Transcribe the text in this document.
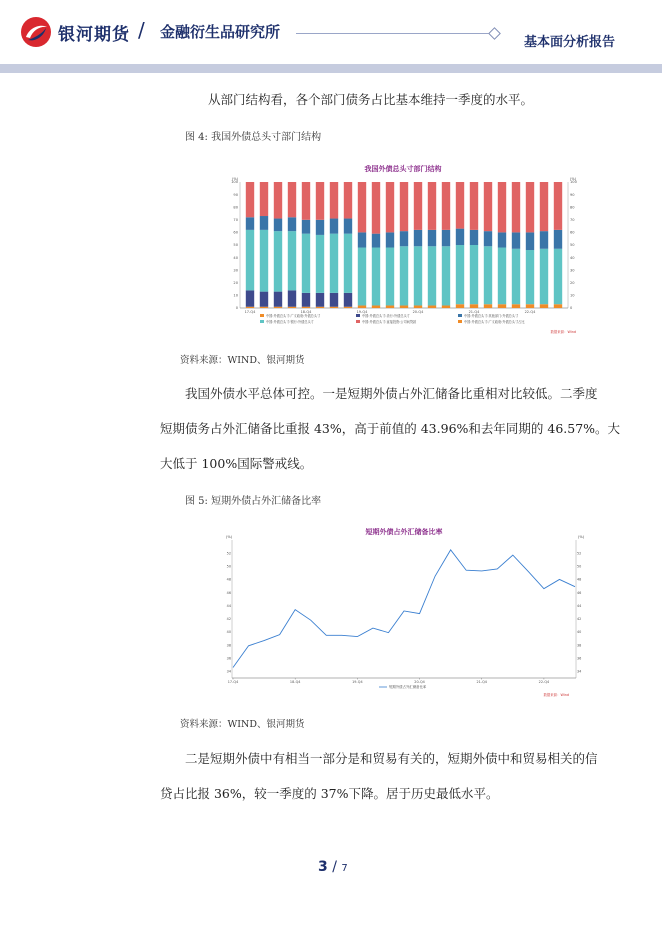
银河期货 / 金融衍生品研究所
基本面分析报告
从部门结构看，各个部门债务占比基本维持一季度的水平。
图 4: 我国外债总头寸部门结构
我国外债总头寸部门结构
(%)	(%)
0	0
10	10
20	20
30	30
40	40
50	50
60	60
70	70
80	80
90	90
100	100
17-Q4	18-Q4	19-Q4	20-Q4	21-Q4	22-Q4
中国:外债总头寸:广义政府:外债总头寸	中国:外债总头寸:央行:外债总头寸	中国:外债总头寸:其他部门:外债总头寸
中国:外债总头寸:银行:外债总头寸	中国:外债总头寸:直接投资:公司间贷款	中国:外债总头寸:广义政府:外债总头寸占比
数据来源：Wind
资料来源：WIND、银河期货
我国外债水平总体可控。一是短期外债占外汇储备比重相对比较低。二季度
短期债务占外汇储备比重报 43%，高于前值的 43.96%和去年同期的 46.57%。大
大低于 100%国际警戒线。
图 5: 短期外债占外汇储备比率
短期外债占外汇储备比率
(%)	(%)
34	34
36	36
38	38
40	40
42	42
44	44
46	46
48	48
50	50
52	52
17-Q4	18-Q4	19-Q4	20-Q4	21-Q4	22-Q4
短期外债占外汇储备比率
数据来源：Wind
资料来源：WIND、银河期货
二是短期外债中有相当一部分是和贸易有关的，短期外债中和贸易相关的信
贷占比报 36%，较一季度的 37%下降。居于历史最低水平。
3 / 7
